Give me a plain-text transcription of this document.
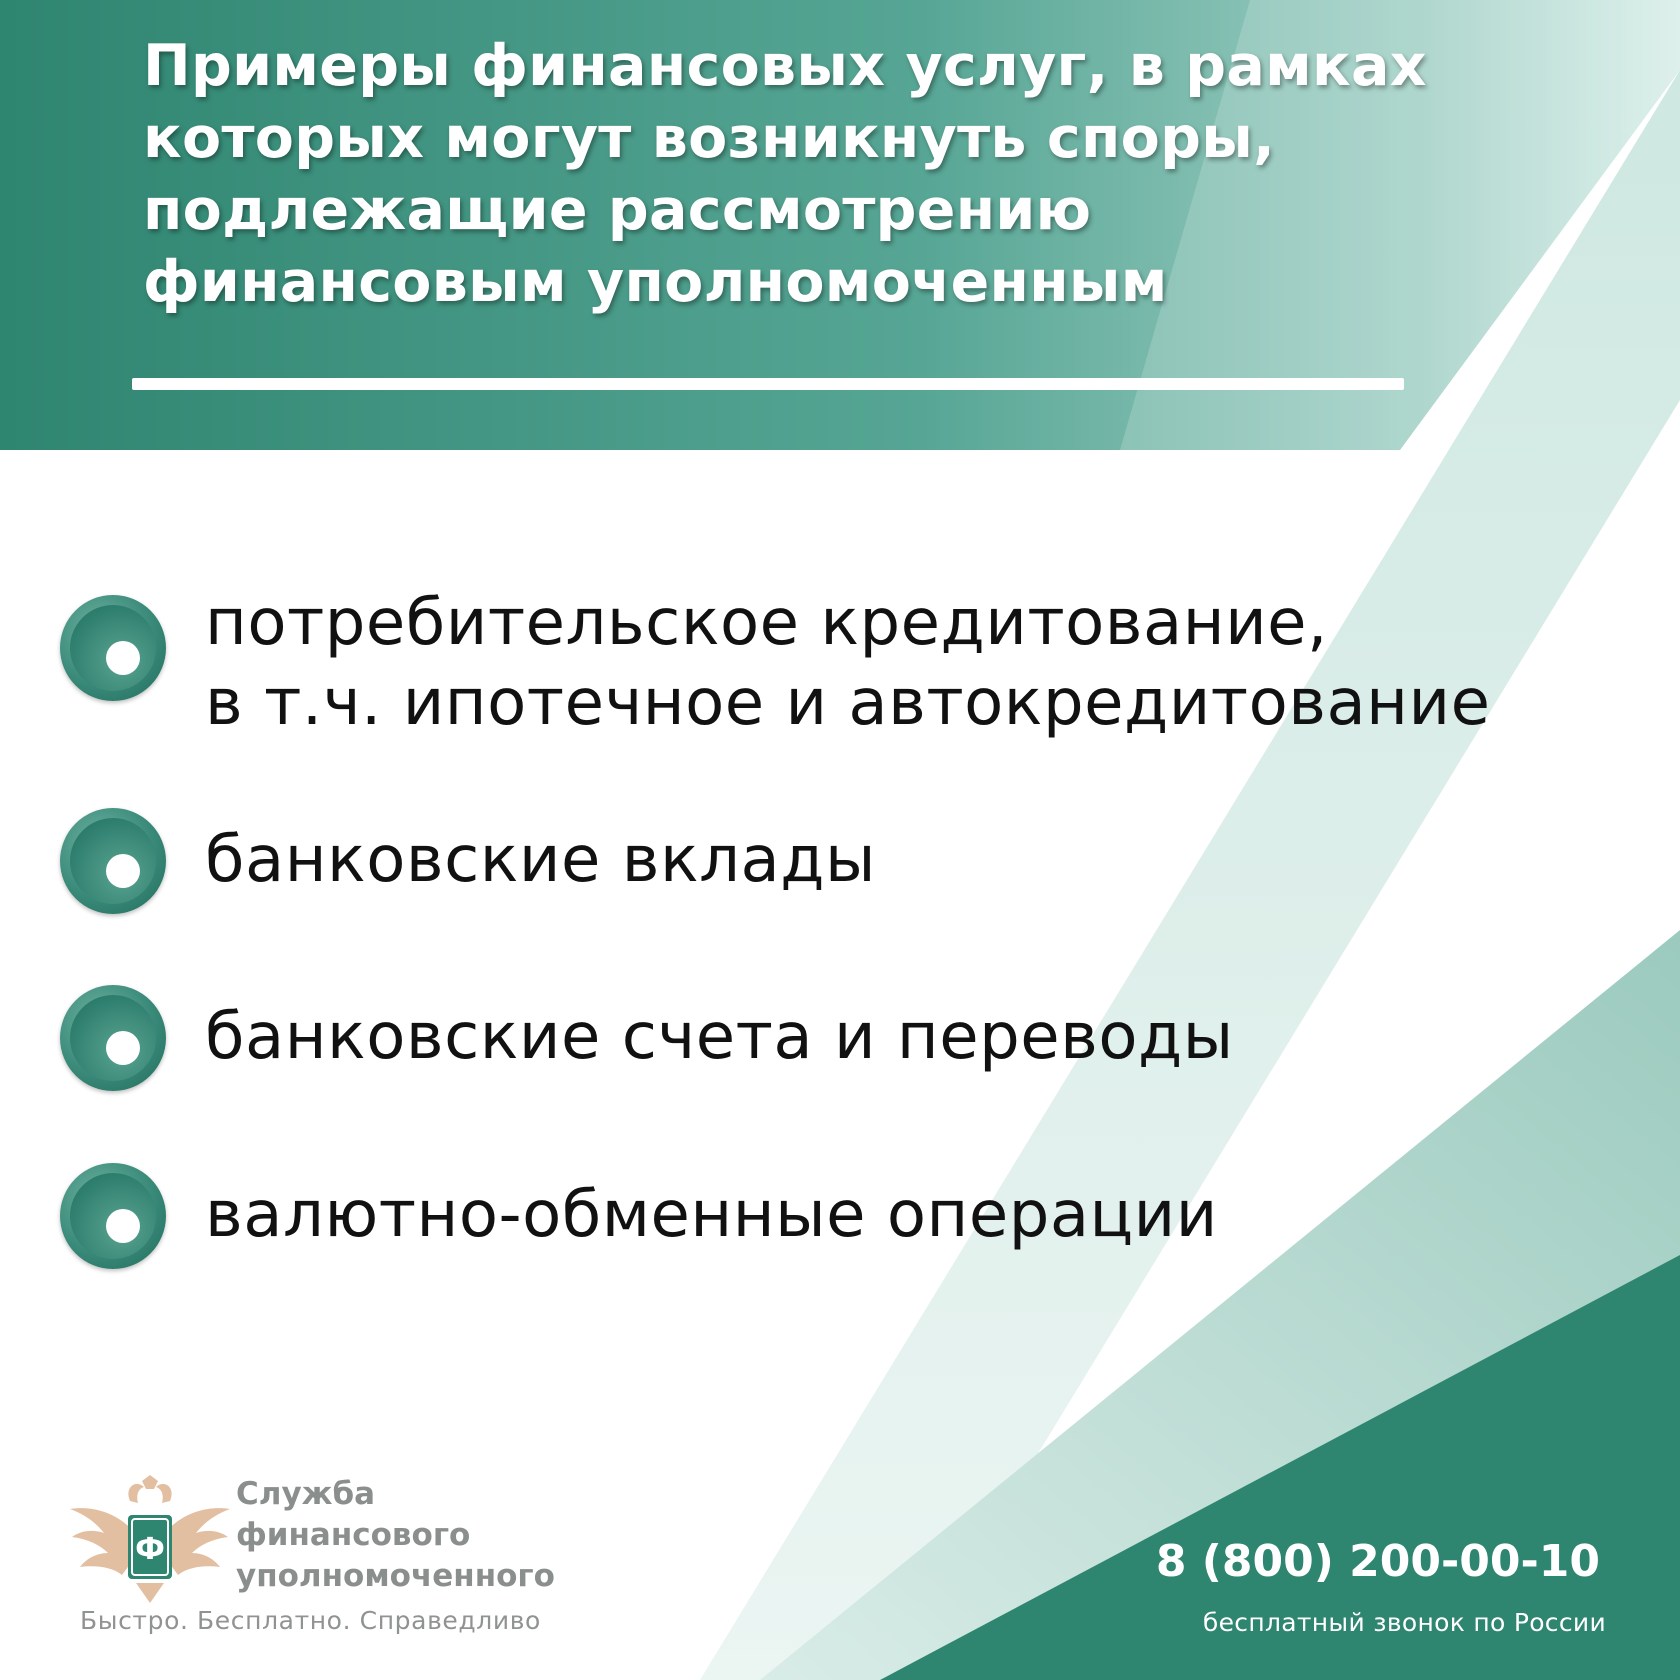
Примеры финансовых услуг, в рамках которых могут возникнуть споры, подлежащие рассмотрению финансовым уполномоченным
потребительское кредитование,
в т.ч. ипотечное и автокредитование
банковские вклады
банковские счета и переводы
валютно-обменные операции
Ф
Служба
финансового
уполномоченного
Быстро. Бесплатно. Справедливо
8 (800) 200-00-10
бесплатный звонок по России
